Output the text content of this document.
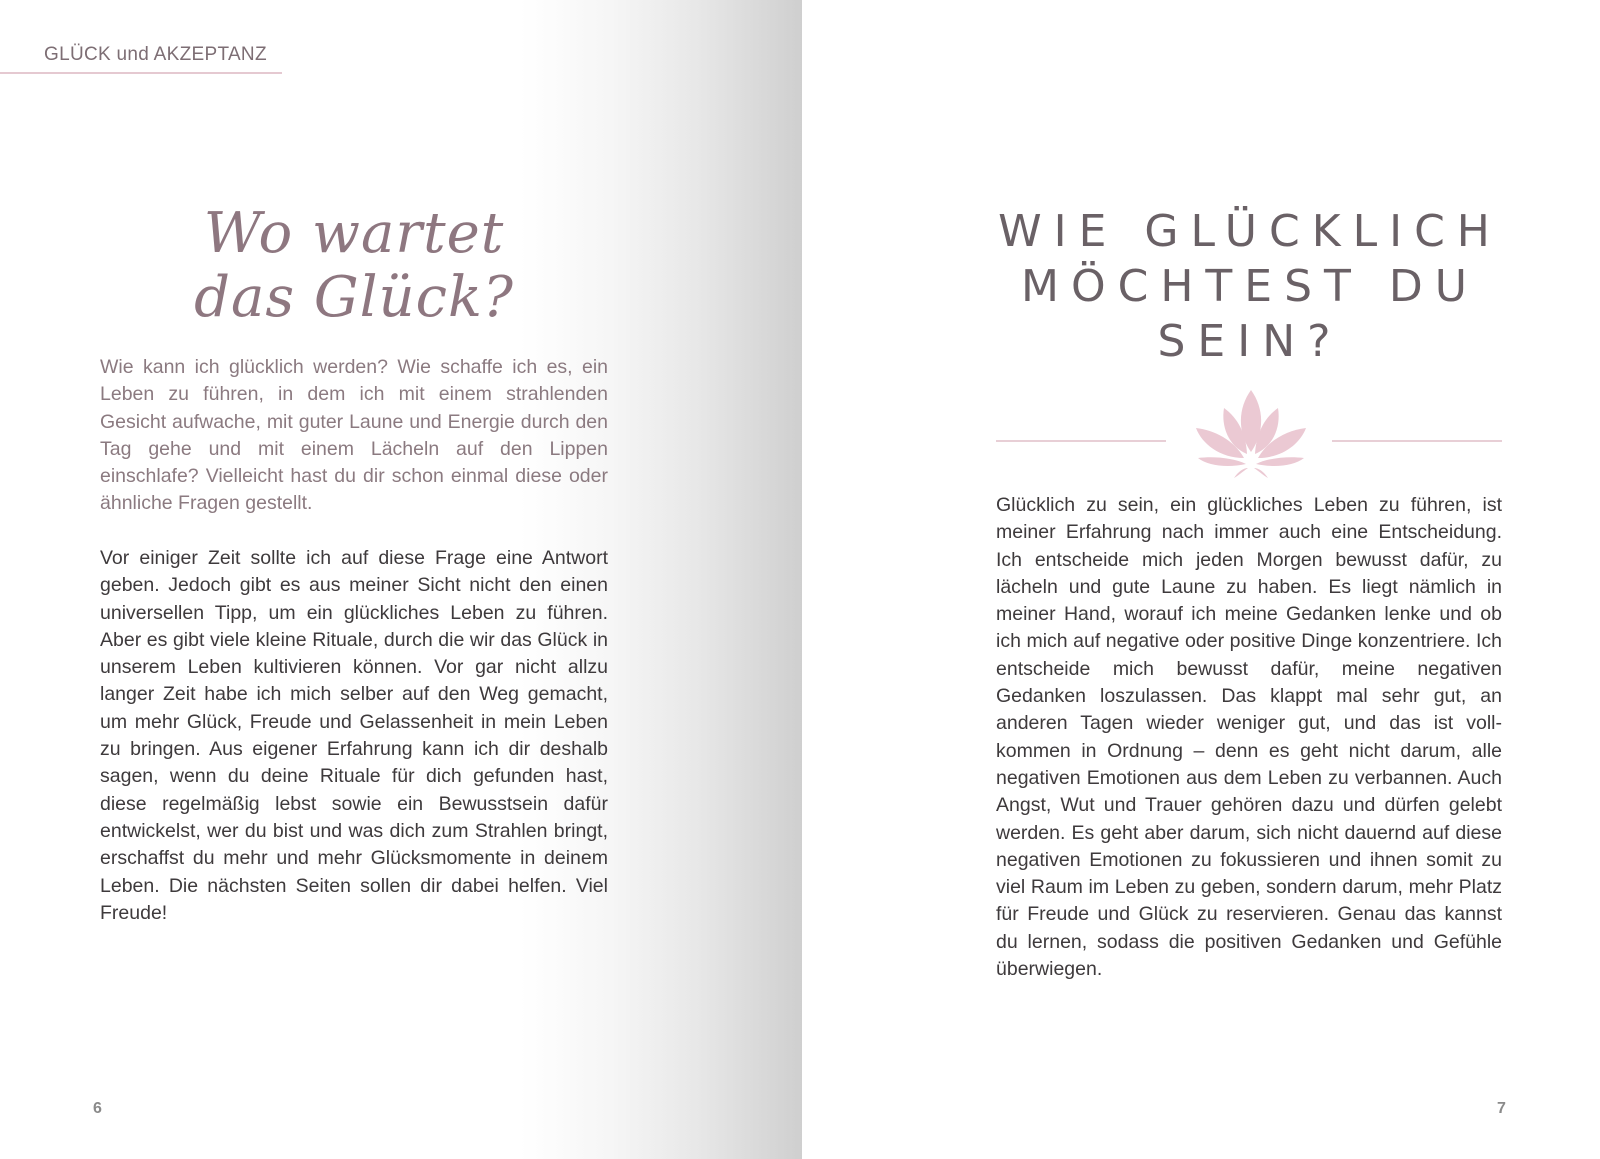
GLÜCK und AKZEPTANZ
Wo wartet
das Glück?

Wie kann ich glücklich werden? Wie schaffe ich es, ein Leben zu führen, in dem ich mit einem strahlenden Gesicht aufwache, mit guter Laune und Energie durch den Tag gehe und mit einem Lächeln auf den Lippen einschlafe? Vielleicht hast du dir schon einmal diese oder ähnliche Fragen gestellt.

Vor einiger Zeit sollte ich auf diese Frage eine Antwort geben. Jedoch gibt es aus meiner Sicht nicht den einen universellen Tipp, um ein glückliches Leben zu führen. Aber es gibt viele kleine Rituale, durch die wir das Glück in unserem Leben kultivieren können. Vor gar nicht allzu langer Zeit habe ich mich selber auf den Weg gemacht, um mehr Glück, Freude und Gelassenheit in mein Leben zu bringen. Aus eigener Erfahrung kann ich dir deshalb sagen, wenn du deine Rituale für dich gefunden hast, diese regelmäßig lebst sowie ein Bewusstsein dafür entwickelst, wer du bist und was dich zum Strahlen bringt, erschaffst du mehr und mehr Glücksmomente in deinem Leben. Die nächsten Seiten sollen dir dabei helfen. Viel Freude!

6
WIE GLÜCKLICH
MÖCHTEST DU
SEIN?

Glücklich zu sein, ein glückliches Leben zu führen, ist meiner Erfahrung nach immer auch eine Entscheidung. Ich entscheide mich jeden Morgen bewusst dafür, zu lächeln und gute Laune zu haben. Es liegt nämlich in meiner Hand, worauf ich meine Gedanken lenke und ob ich mich auf negative oder positive Dinge konzentriere. Ich entscheide mich bewusst dafür, meine negativen Gedanken loszulassen. Das klappt mal sehr gut, an anderen Tagen wieder weniger gut, und das ist vollkommen in Ordnung – denn es geht nicht darum, alle negativen Emotionen aus dem Leben zu verbannen. Auch Angst, Wut und Trauer gehören dazu und dürfen gelebt werden. Es geht aber darum, sich nicht dauernd auf diese negativen Emotionen zu fokussieren und ihnen somit zu viel Raum im Leben zu geben, sondern darum, mehr Platz für Freude und Glück zu reservieren. Genau das kannst du lernen, sodass die positiven Gedanken und Gefühle überwiegen.

7
